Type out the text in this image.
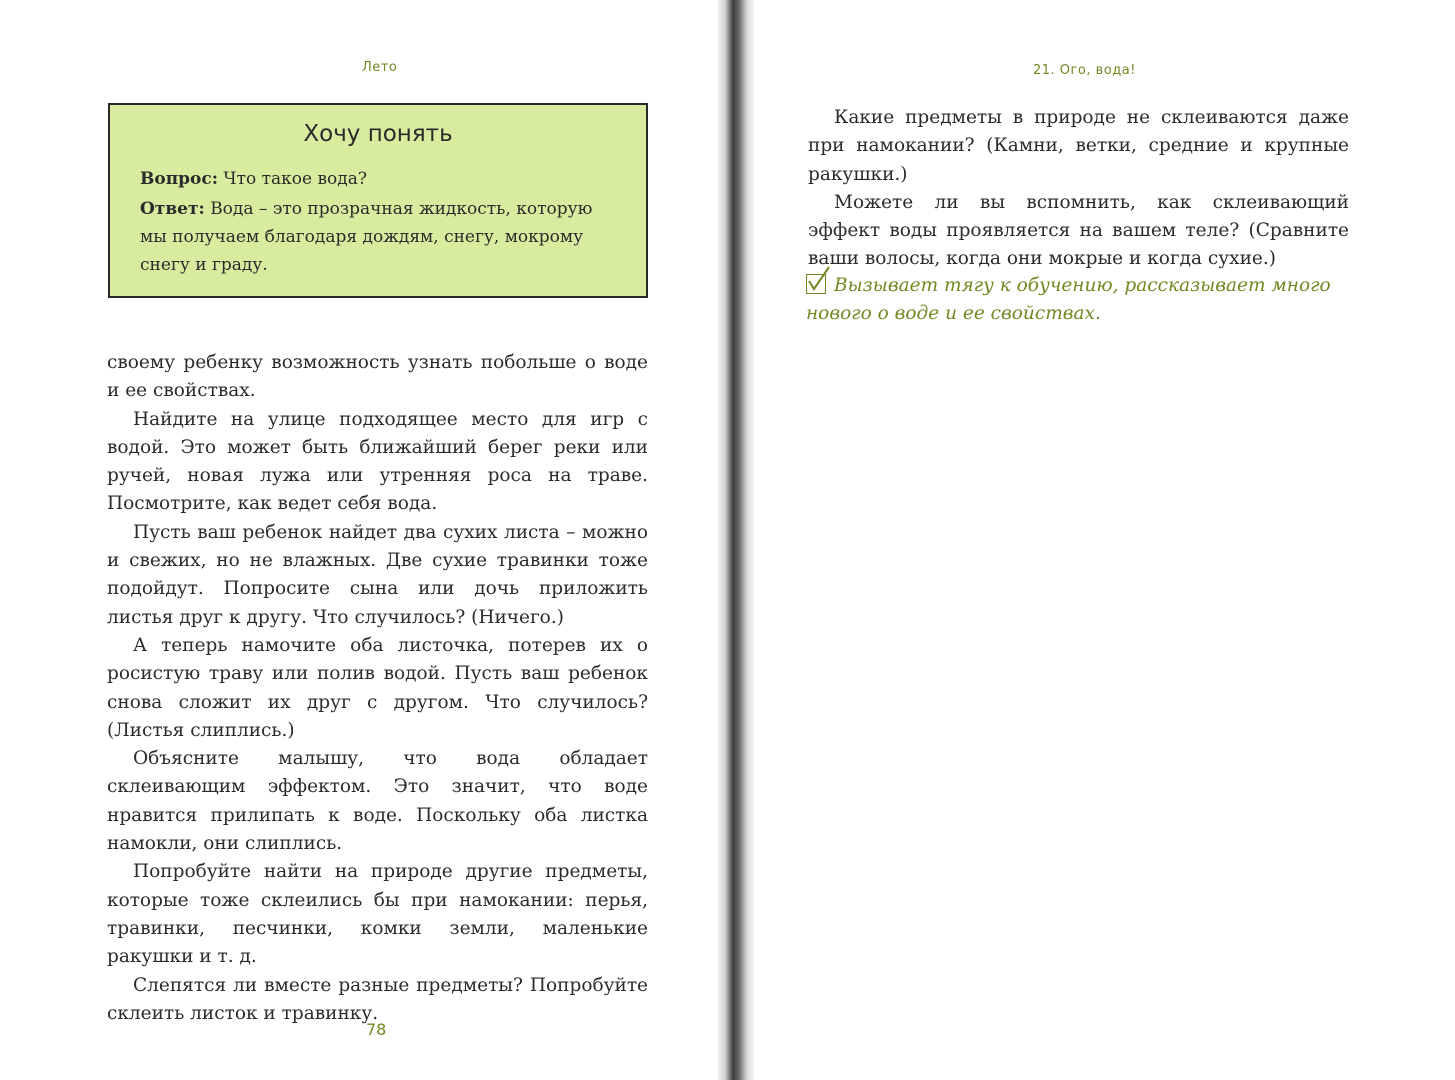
Лето
Хочу понять

Вопрос: Что такое вода?

Ответ: Вода – это прозрачная жидкость, которую мы получаем благодаря дождям, снегу, мокрому снегу и граду.

своему ребенку возможность узнать побольше о воде и ее свойствах.

Найдите на улице подходящее место для игр с водой. Это может быть ближайший берег реки или ручей, новая лужа или утренняя роса на траве. Посмотрите, как ведет себя вода.

Пусть ваш ребенок найдет два сухих листа – можно и свежих, но не влажных. Две сухие травинки тоже подойдут. Попросите сына или дочь приложить листья друг к другу. Что случилось? (Ничего.)

А теперь намочите оба листочка, потерев их о росистую траву или полив водой. Пусть ваш ребенок снова сложит их друг с другом. Что случилось? (Листья слиплись.)

Объясните малышу, что вода обладает склеивающим эффектом. Это значит, что воде нравится прилипать к воде. Поскольку оба листка намокли, они слиплись.

Попробуйте найти на природе другие предметы, которые тоже склеились бы при намокании: перья, травинки, песчинки, комки земли, маленькие ракушки и т. д.

Слепятся ли вместе разные предметы? Попробуйте склеить листок и травинку.

78
21. Ого, вода!

Какие предметы в природе не склеиваются даже при намокании? (Камни, ветки, средние и крупные ракушки.)

Можете ли вы вспомнить, как склеивающий эффект воды проявляется на вашем теле? (Сравните ваши волосы, когда они мокрые и когда сухие.)

Вызывает тягу к обучению, рассказывает много нового о воде и ее свойствах.
